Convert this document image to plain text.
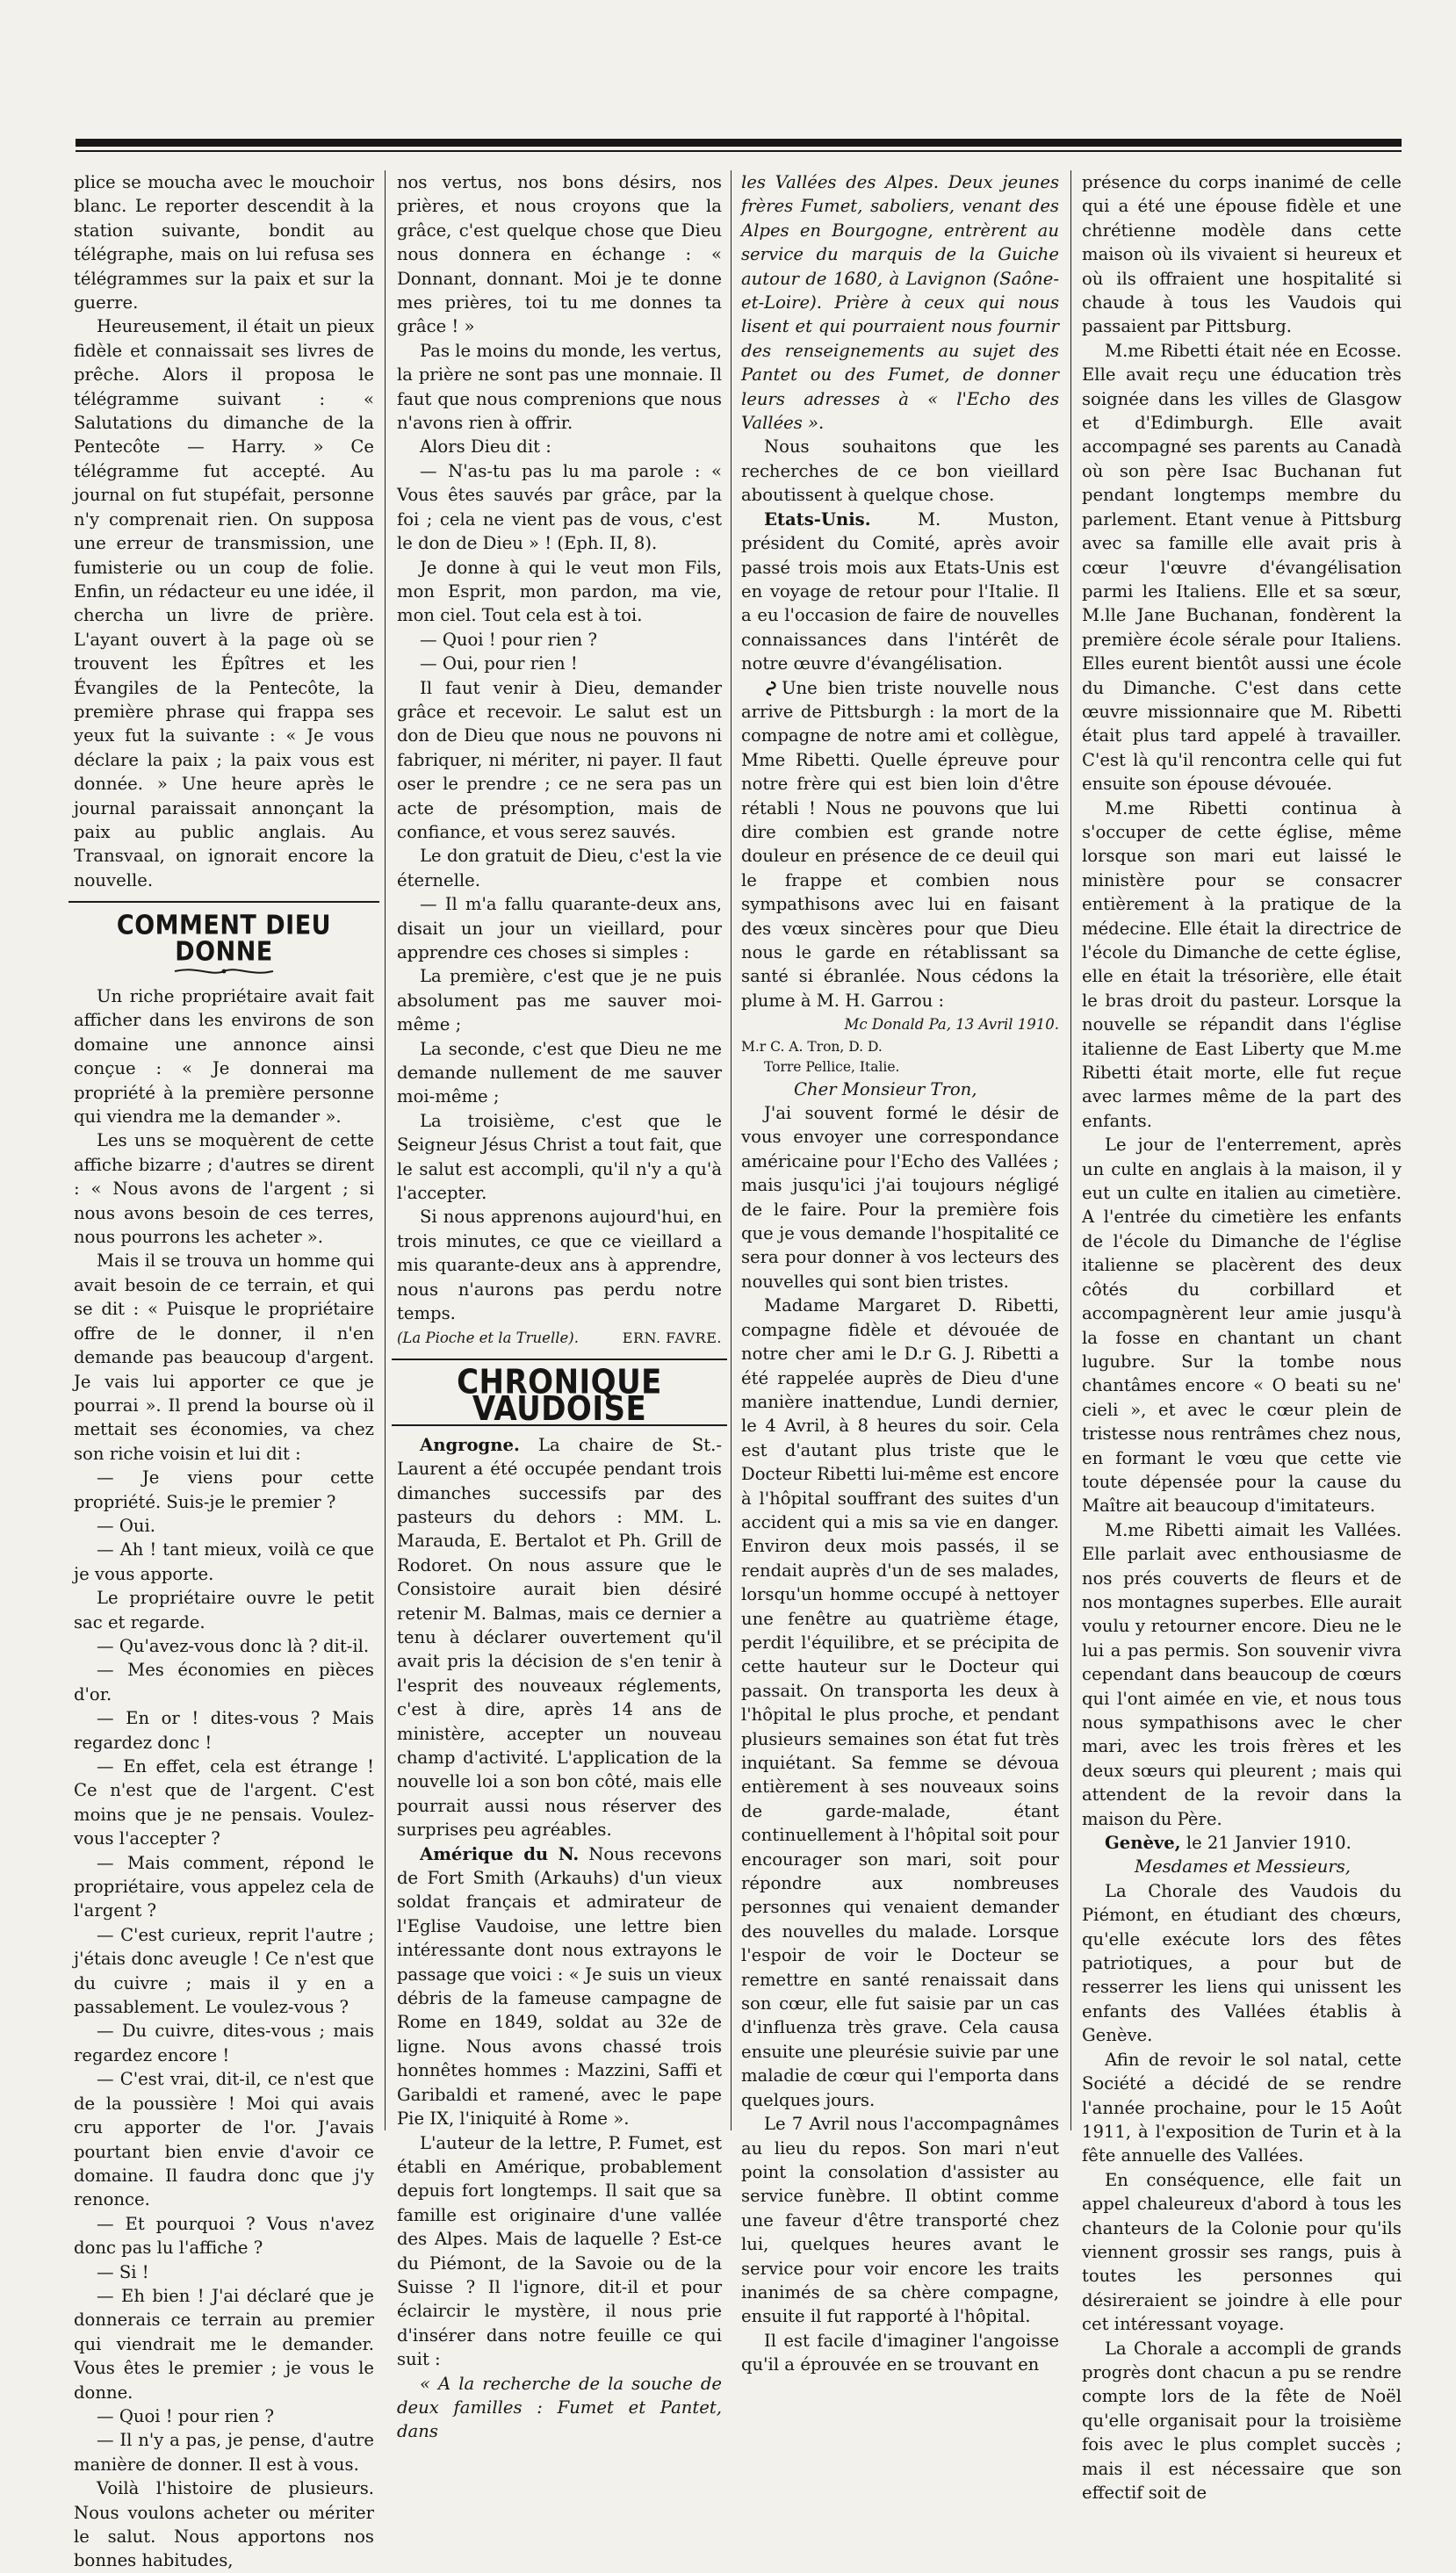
plice se moucha avec le mouchoir blanc. Le reporter descendit à la station suivante, bondit au télégraphe, mais on lui refusa ses télégrammes sur la paix et sur la guerre.

Heureusement, il était un pieux fidèle et connaissait ses livres de prêche. Alors il proposa le télégramme suivant : « Salutations du dimanche de la Pentecôte — Harry. » Ce télégramme fut accepté. Au journal on fut stupéfait, personne n'y comprenait rien. On supposa une erreur de transmission, une fumisterie ou un coup de folie. Enfin, un rédacteur eu une idée, il chercha un livre de prière. L'ayant ouvert à la page où se trouvent les Épîtres et les Évangiles de la Pentecôte, la première phrase qui frappa ses yeux fut la suivante : « Je vous déclare la paix ; la paix vous est donnée. » Une heure après le journal paraissait annonçant la paix au public anglais. Au Transvaal, on ignorait encore la nouvelle.

COMMENT DIEU DONNE

Un riche propriétaire avait fait afficher dans les environs de son domaine une annonce ainsi conçue : « Je donnerai ma propriété à la première personne qui viendra me la demander ».

Les uns se moquèrent de cette affiche bizarre ; d'autres se dirent : « Nous avons de l'argent ; si nous avons besoin de ces terres, nous pourrons les acheter ».

Mais il se trouva un homme qui avait besoin de ce terrain, et qui se dit : « Puisque le propriétaire offre de le donner, il n'en demande pas beaucoup d'argent. Je vais lui apporter ce que je pourrai ». Il prend la bourse où il mettait ses économies, va chez son riche voisin et lui dit :

— Je viens pour cette propriété. Suis-je le premier ?

— Oui.

— Ah ! tant mieux, voilà ce que je vous apporte.

Le propriétaire ouvre le petit sac et regarde.

— Qu'avez-vous donc là ? dit-il.

— Mes économies en pièces d'or.

— En or ! dites-vous ? Mais regardez donc !

— En effet, cela est étrange ! Ce n'est que de l'argent. C'est moins que je ne pensais. Voulez-vous l'accepter ?

— Mais comment, répond le propriétaire, vous appelez cela de l'argent ?

— C'est curieux, reprit l'autre ; j'étais donc aveugle ! Ce n'est que du cuivre ; mais il y en a passablement. Le voulez-vous ?

— Du cuivre, dites-vous ; mais regardez encore !

— C'est vrai, dit-il, ce n'est que de la poussière ! Moi qui avais cru apporter de l'or. J'avais pourtant bien envie d'avoir ce domaine. Il faudra donc que j'y renonce.

— Et pourquoi ? Vous n'avez donc pas lu l'affiche ?

— Si !

— Eh bien ! J'ai déclaré que je donnerais ce terrain au premier qui viendrait me le demander. Vous êtes le premier ; je vous le donne.

— Quoi ! pour rien ?

— Il n'y a pas, je pense, d'autre manière de donner. Il est à vous.

Voilà l'histoire de plusieurs. Nous voulons acheter ou mériter le salut. Nous apportons nos bonnes habitudes,

nos vertus, nos bons désirs, nos prières, et nous croyons que la grâce, c'est quelque chose que Dieu nous donnera en échange : « Donnant, donnant. Moi je te donne mes prières, toi tu me donnes ta grâce ! »

Pas le moins du monde, les vertus, la prière ne sont pas une monnaie. Il faut que nous comprenions que nous n'avons rien à offrir.

Alors Dieu dit :

— N'as-tu pas lu ma parole : « Vous êtes sauvés par grâce, par la foi ; cela ne vient pas de vous, c'est le don de Dieu » ! (Eph. II, 8).

Je donne à qui le veut mon Fils, mon Esprit, mon pardon, ma vie, mon ciel. Tout cela est à toi.

— Quoi ! pour rien ?

— Oui, pour rien !

Il faut venir à Dieu, demander grâce et recevoir. Le salut est un don de Dieu que nous ne pouvons ni fabriquer, ni mériter, ni payer. Il faut oser le prendre ; ce ne sera pas un acte de présomption, mais de confiance, et vous serez sauvés.

Le don gratuit de Dieu, c'est la vie éternelle.

— Il m'a fallu quarante-deux ans, disait un jour un vieillard, pour apprendre ces choses si simples :

La première, c'est que je ne puis absolument pas me sauver moi-même ;

La seconde, c'est que Dieu ne me demande nullement de me sauver moi-même ;

La troisième, c'est que le Seigneur Jésus Christ a tout fait, que le salut est accompli, qu'il n'y a qu'à l'accepter.

Si nous apprenons aujourd'hui, en trois minutes, ce que ce vieillard a mis quarante-deux ans à apprendre, nous n'aurons pas perdu notre temps.

(La Pioche et la Truelle).	ERN. FAVRE.

CHRONIQUE VAUDOISE

Angrogne. La chaire de St.-Laurent a été occupée pendant trois dimanches successifs par des pasteurs du dehors : MM. L. Marauda, E. Bertalot et Ph. Grill de Rodoret. On nous assure que le Consistoire aurait bien désiré retenir M. Balmas, mais ce dernier a tenu à déclarer ouvertement qu'il avait pris la décision de s'en tenir à l'esprit des nouveaux réglements, c'est à dire, après 14 ans de ministère, accepter un nouveau champ d'activité. L'application de la nouvelle loi a son bon côté, mais elle pourrait aussi nous réserver des surprises peu agréables.

Amérique du N. Nous recevons de Fort Smith (Arkauhs) d'un vieux soldat français et admirateur de l'Eglise Vaudoise, une lettre bien intéressante dont nous extrayons le passage que voici : « Je suis un vieux débris de la fameuse campagne de Rome en 1849, soldat au 32e de ligne. Nous avons chassé trois honnêtes hommes : Mazzini, Saffi et Garibaldi et ramené, avec le pape Pie IX, l'iniquité à Rome ».

L'auteur de la lettre, P. Fumet, est établi en Amérique, probablement depuis fort longtemps. Il sait que sa famille est originaire d'une vallée des Alpes. Mais de laquelle ? Est-ce du Piémont, de la Savoie ou de la Suisse ? Il l'ignore, dit-il et pour éclaircir le mystère, il nous prie d'insérer dans notre feuille ce qui suit :

« A la recherche de la souche de deux familles : Fumet et Pantet, dans

les Vallées des Alpes. Deux jeunes frères Fumet, saboliers, venant des Alpes en Bourgogne, entrèrent au service du marquis de la Guiche autour de 1680, à Lavignon (Saône-et-Loire). Prière à ceux qui nous lisent et qui pourraient nous fournir des renseignements au sujet des Pantet ou des Fumet, de donner leurs adresses à « l'Echo des Vallées ».

Nous souhaitons que les recherches de ce bon vieillard aboutissent à quelque chose.

Etats-Unis. M. Muston, président du Comité, après avoir passé trois mois aux Etats-Unis est en voyage de retour pour l'Italie. Il a eu l'occasion de faire de nouvelles connaissances dans l'intérêt de notre œuvre d'évangélisation.

Une bien triste nouvelle nous arrive de Pittsburgh : la mort de la compagne de notre ami et collègue, Mme Ribetti. Quelle épreuve pour notre frère qui est bien loin d'être rétabli ! Nous ne pouvons que lui dire combien est grande notre douleur en présence de ce deuil qui le frappe et combien nous sympathisons avec lui en faisant des vœux sincères pour que Dieu nous le garde en rétablissant sa santé si ébranlée. Nous cédons la plume à M. H. Garrou :

Mc Donald Pa, 13 Avril 1910.

M.r C. A. Tron, D. D.

Torre Pellice, Italie.

Cher Monsieur Tron,

J'ai souvent formé le désir de vous envoyer une correspondance américaine pour l'Echo des Vallées ; mais jusqu'ici j'ai toujours négligé de le faire. Pour la première fois que je vous demande l'hospitalité ce sera pour donner à vos lecteurs des nouvelles qui sont bien tristes.

Madame Margaret D. Ribetti, compagne fidèle et dévouée de notre cher ami le D.r G. J. Ribetti a été rappelée auprès de Dieu d'une manière inattendue, Lundi dernier, le 4 Avril, à 8 heures du soir. Cela est d'autant plus triste que le Docteur Ribetti lui-même est encore à l'hôpital souffrant des suites d'un accident qui a mis sa vie en danger. Environ deux mois passés, il se rendait auprès d'un de ses malades, lorsqu'un homme occupé à nettoyer une fenêtre au quatrième étage, perdit l'équilibre, et se précipita de cette hauteur sur le Docteur qui passait. On transporta les deux à l'hôpital le plus proche, et pendant plusieurs semaines son état fut très inquiétant. Sa femme se dévoua entièrement à ses nouveaux soins de garde-malade, étant continuellement à l'hôpital soit pour encourager son mari, soit pour répondre aux nombreuses personnes qui venaient demander des nouvelles du malade. Lorsque l'espoir de voir le Docteur se remettre en santé renaissait dans son cœur, elle fut saisie par un cas d'influenza très grave. Cela causa ensuite une pleurésie suivie par une maladie de cœur qui l'emporta dans quelques jours.

Le 7 Avril nous l'accompagnâmes au lieu du repos. Son mari n'eut point la consolation d'assister au service funèbre. Il obtint comme une faveur d'être transporté chez lui, quelques heures avant le service pour voir encore les traits inanimés de sa chère compagne, ensuite il fut rapporté à l'hôpital.

Il est facile d'imaginer l'angoisse qu'il a éprouvée en se trouvant en

présence du corps inanimé de celle qui a été une épouse fidèle et une chrétienne modèle dans cette maison où ils vivaient si heureux et où ils offraient une hospitalité si chaude à tous les Vaudois qui passaient par Pittsburg.

M.me Ribetti était née en Ecosse. Elle avait reçu une éducation très soignée dans les villes de Glasgow et d'Edimburgh. Elle avait accompagné ses parents au Canadà où son père Isac Buchanan fut pendant longtemps membre du parlement. Etant venue à Pittsburg avec sa famille elle avait pris à cœur l'œuvre d'évangélisation parmi les Italiens. Elle et sa sœur, M.lle Jane Buchanan, fondèrent la première école sérale pour Italiens. Elles eurent bientôt aussi une école du Dimanche. C'est dans cette œuvre missionnaire que M. Ribetti était plus tard appelé à travailler. C'est là qu'il rencontra celle qui fut ensuite son épouse dévouée.

M.me Ribetti continua à s'occuper de cette église, même lorsque son mari eut laissé le ministère pour se consacrer entièrement à la pratique de la médecine. Elle était la directrice de l'école du Dimanche de cette église, elle en était la trésorière, elle était le bras droit du pasteur. Lorsque la nouvelle se répandit dans l'église italienne de East Liberty que M.me Ribetti était morte, elle fut reçue avec larmes même de la part des enfants.

Le jour de l'enterrement, après un culte en anglais à la maison, il y eut un culte en italien au cimetière. A l'entrée du cimetière les enfants de l'école du Dimanche de l'église italienne se placèrent des deux côtés du corbillard et accompagnèrent leur amie jusqu'à la fosse en chantant un chant lugubre. Sur la tombe nous chantâmes encore « O beati su ne' cieli », et avec le cœur plein de tristesse nous rentrâmes chez nous, en formant le vœu que cette vie toute dépensée pour la cause du Maître ait beaucoup d'imitateurs.

M.me Ribetti aimait les Vallées. Elle parlait avec enthousiasme de nos prés couverts de fleurs et de nos montagnes superbes. Elle aurait voulu y retourner encore. Dieu ne le lui a pas permis. Son souvenir vivra cependant dans beaucoup de cœurs qui l'ont aimée en vie, et nous tous nous sympathisons avec le cher mari, avec les trois frères et les deux sœurs qui pleurent ; mais qui attendent de la revoir dans la maison du Père.

Genève, le 21 Janvier 1910.

Mesdames et Messieurs,

La Chorale des Vaudois du Piémont, en étudiant des chœurs, qu'elle exécute lors des fêtes patriotiques, a pour but de resserrer les liens qui unissent les enfants des Vallées établis à Genève.

Afin de revoir le sol natal, cette Société a décidé de se rendre l'année prochaine, pour le 15 Août 1911, à l'exposition de Turin et à la fête annuelle des Vallées.

En conséquence, elle fait un appel chaleureux d'abord à tous les chanteurs de la Colonie pour qu'ils viennent grossir ses rangs, puis à toutes les personnes qui désireraient se joindre à elle pour cet intéressant voyage.

La Chorale a accompli de grands progrès dont chacun a pu se rendre compte lors de la fête de Noël qu'elle organisait pour la troisième fois avec le plus complet succès ; mais il est nécessaire que son effectif soit de
